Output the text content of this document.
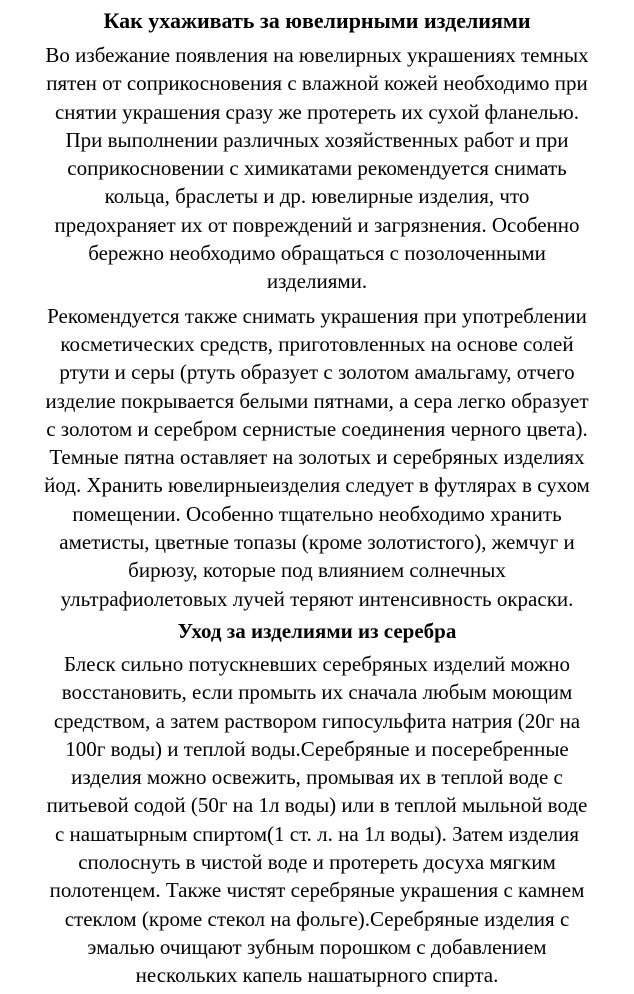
Как ухаживать за ювелирными изделиями

Во избежание появления на ювелирных украшениях темных
пятен от соприкосновения с влажной кожей необходимо при
снятии украшения сразу же протереть их сухой фланелью.
При выполнении различных хозяйственных работ и при
соприкосновении с химикатами рекомендуется снимать
кольца, браслеты и др. ювелирные изделия, что
предохраняет их от повреждений и загрязнения. Особенно
бережно необходимо обращаться с позолоченными
изделиями.

Рекомендуется также снимать украшения при употреблении
косметических средств, приготовленных на основе солей
ртути и серы (ртуть образует с золотом амальгаму, отчего
изделие покрывается белыми пятнами, а сера легко образует
с золотом и серебром сернистые соединения черного цвета).
Темные пятна оставляет на золотых и серебряных изделиях
йод. Хранить ювелирныеизделия следует в футлярах в сухом
помещении. Особенно тщательно необходимо хранить
аметисты, цветные топазы (кроме золотистого), жемчуг и
бирюзу, которые под влиянием солнечных
ультрафиолетовых лучей теряют интенсивность окраски.

Уход за изделиями из серебра

Блеск сильно потускневших серебряных изделий можно
восстановить, если промыть их сначала любым моющим
средством, а затем раствором гипосульфита натрия (20г на
100г воды) и теплой воды.Серебряные и посеребренные
изделия можно освежить, промывая их в теплой воде с
питьевой содой (50г на 1л воды) или в теплой мыльной воде
с нашатырным спиртом(1 ст. л. на 1л воды). Затем изделия
сполоснуть в чистой воде и протереть досуха мягким
полотенцем. Также чистят серебряные украшения с камнем
стеклом (кроме стекол на фольге).Серебряные изделия с
эмалью очищают зубным порошком с добавлением
нескольких капель нашатырного спирта.
